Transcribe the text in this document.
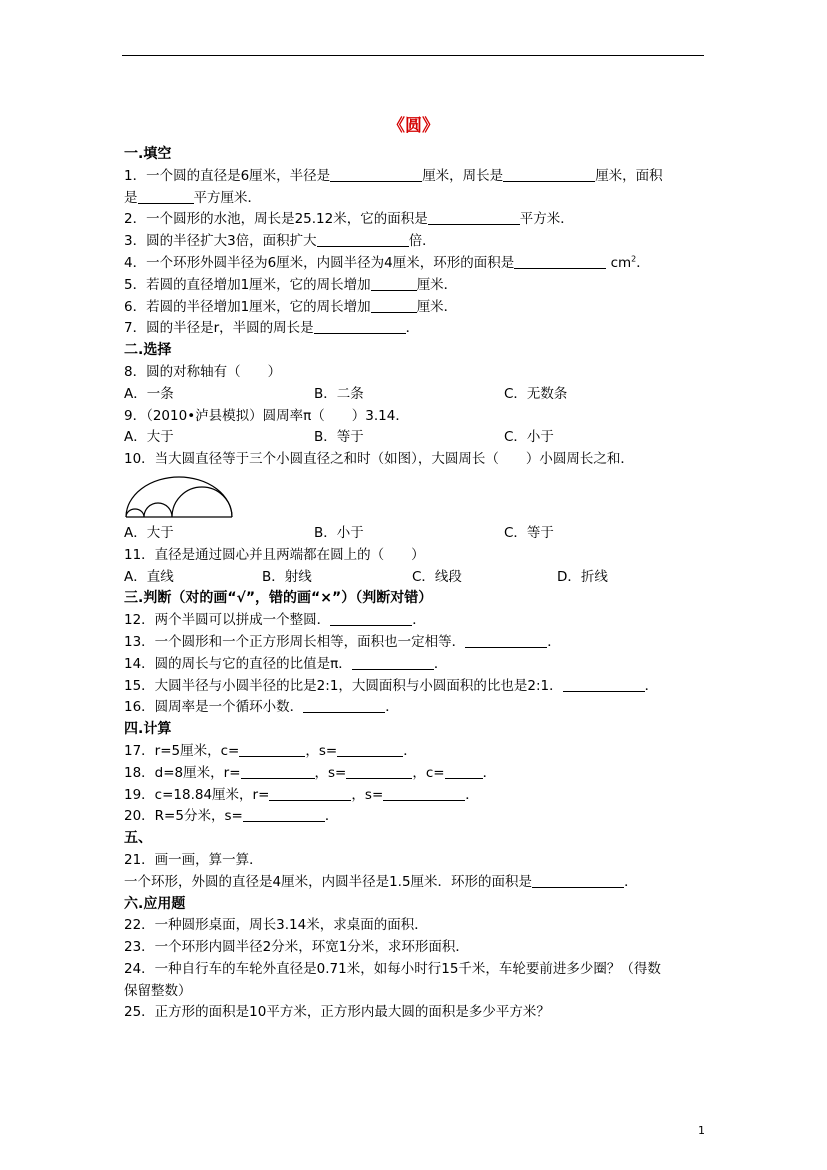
《圆》
一.填空
1．一个圆的直径是6厘米，半径是	厘米，周长是	厘米，面积
是	平方厘米．
2．一个圆形的水池，周长是25.12米，它的面积是	平方米．
3．圆的半径扩大3倍，面积扩大	倍．
4．一个环形外圆半径为6厘米，内圆半径为4厘米，环形的面积是	$cm^2$．
5．若圆的直径增加1厘米，它的周长增加	厘米．
6．若圆的半径增加1厘米，它的周长增加	厘米．
7．圆的半径是r，半圆的周长是	．
二.选择
8．圆的对称轴有（　　）
A．一条	B．二条	C．无数条
9．（2010•泸县模拟）圆周率π（　　）3.14．
A．大于	B．等于	C．小于
10．当大圆直径等于三个小圆直径之和时（如图），大圆周长（　　）小圆周长之和．
A．大于	B．小于	C．等于
11．直径是通过圆心并且两端都在圆上的（　　）
A．直线	B．射线	C．线段	D．折线
三.判断（对的画“√”，错的画“×”）（判断对错）
12．两个半圆可以拼成一个整圆．	．
13．一个圆形和一个正方形周长相等，面积也一定相等．	．
14．圆的周长与它的直径的比值是π．	．
15．大圆半径与小圆半径的比是2:1，大圆面积与小圆面积的比也是2:1．	．
16．圆周率是一个循环小数．	．
四.计算
17．r=5厘米，c=	，s=	．
18．d=8厘米，r=	，s=	，c=	．
19．c=18.84厘米，r=	，s=	．
20．R=5分米，s=	．
五、
21．画一画，算一算．
一个环形，外圆的直径是4厘米，内圆半径是1.5厘米．环形的面积是	．
六.应用题
22．一种圆形桌面，周长3.14米，求桌面的面积．
23．一个环形内圆半径2分米，环宽1分米，求环形面积．
24．一种自行车的车轮外直径是0.71米，如每小时行15千米，车轮要前进多少圈？（得数
保留整数）
25．正方形的面积是10平方米，正方形内最大圆的面积是多少平方米？
1
